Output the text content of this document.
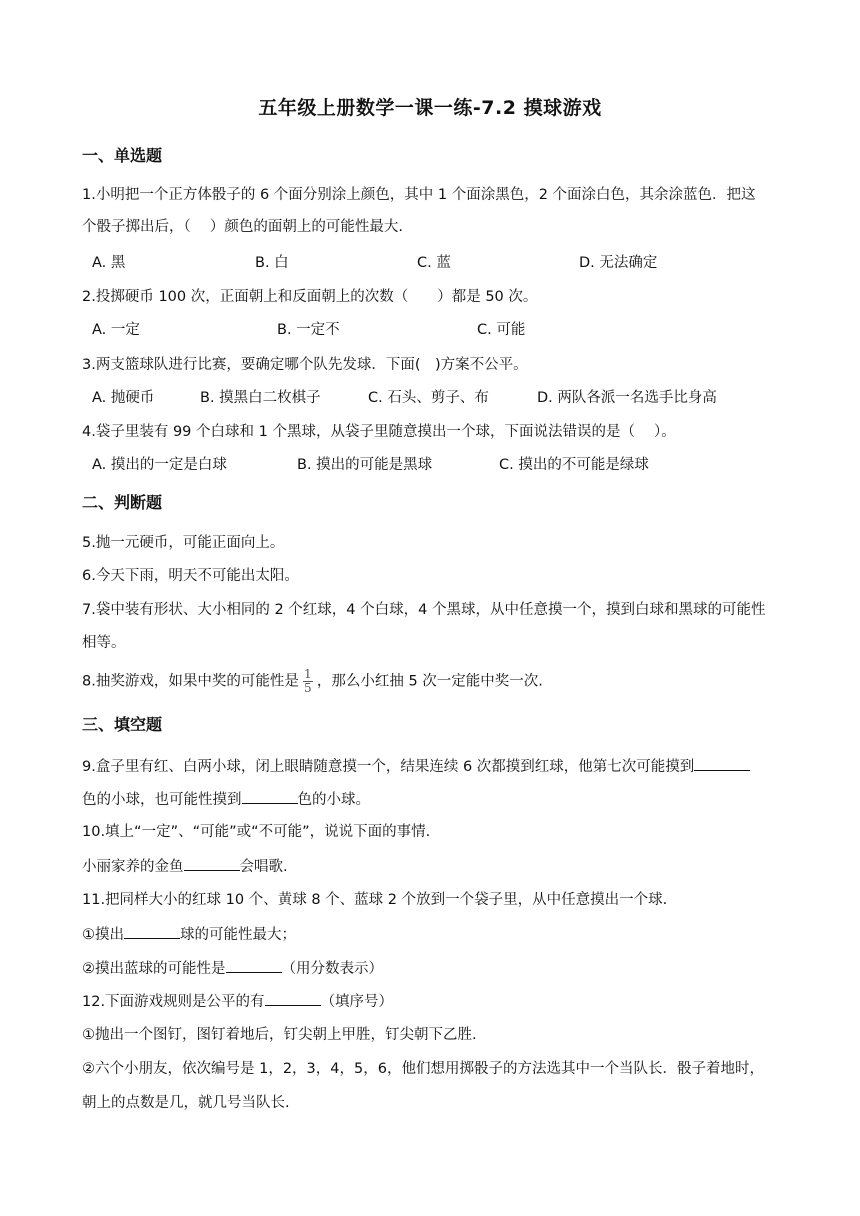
五年级上册数学一课一练-7.2 摸球游戏
一、单选题
1.小明把一个正方体骰子的 6 个面分别涂上颜色，其中 1 个面涂黑色，2 个面涂白色，其余涂蓝色．把这
个骰子掷出后，（　 ）颜色的面朝上的可能性最大.
A. 黑	B. 白	C. 蓝	D. 无法确定
2.投掷硬币 100 次，正面朝上和反面朝上的次数（　　）都是 50 次。
A. 一定	B. 一定不	C. 可能
3.两支篮球队进行比赛，要确定哪个队先发球．下面(　)方案不公平。
A. 抛硬币	B. 摸黑白二枚棋子	C. 石头、剪子、布	D. 两队各派一名选手比身高
4.袋子里装有 99 个白球和 1 个黑球，从袋子里随意摸出一个球，下面说法错误的是（　 ）。
A. 摸出的一定是白球	B. 摸出的可能是黑球	C. 摸出的不可能是绿球
二、判断题
5.抛一元硬币，可能正面向上。
6.今天下雨，明天不可能出太阳。
7.袋中装有形状、大小相同的 2 个红球，4 个白球，4 个黑球，从中任意摸一个，摸到白球和黑球的可能性
相等。
8.抽奖游戏，如果中奖的可能性是 $\frac{1}{5}$ ，那么小红抽 5 次一定能中奖一次.
三、填空题
9.盒子里有红、白两小球，闭上眼睛随意摸一个，结果连续 6 次都摸到红球，他第七次可能摸到
色的小球，也可能性摸到	色的小球。
10.填上“一定”、“可能”或“不可能”，说说下面的事情.
小丽家养的金鱼	会唱歌.
11.把同样大小的红球 10 个、黄球 8 个、蓝球 2 个放到一个袋子里，从中任意摸出一个球.
①摸出	球的可能性最大；
②摸出蓝球的可能性是	（用分数表示）
12.下面游戏规则是公平的有	（填序号）
①抛出一个图钉，图钉着地后，钉尖朝上甲胜，钉尖朝下乙胜.
②六个小朋友，依次编号是 1，2，3，4，5，6，他们想用掷骰子的方法选其中一个当队长．骰子着地时，
朝上的点数是几，就几号当队长.
